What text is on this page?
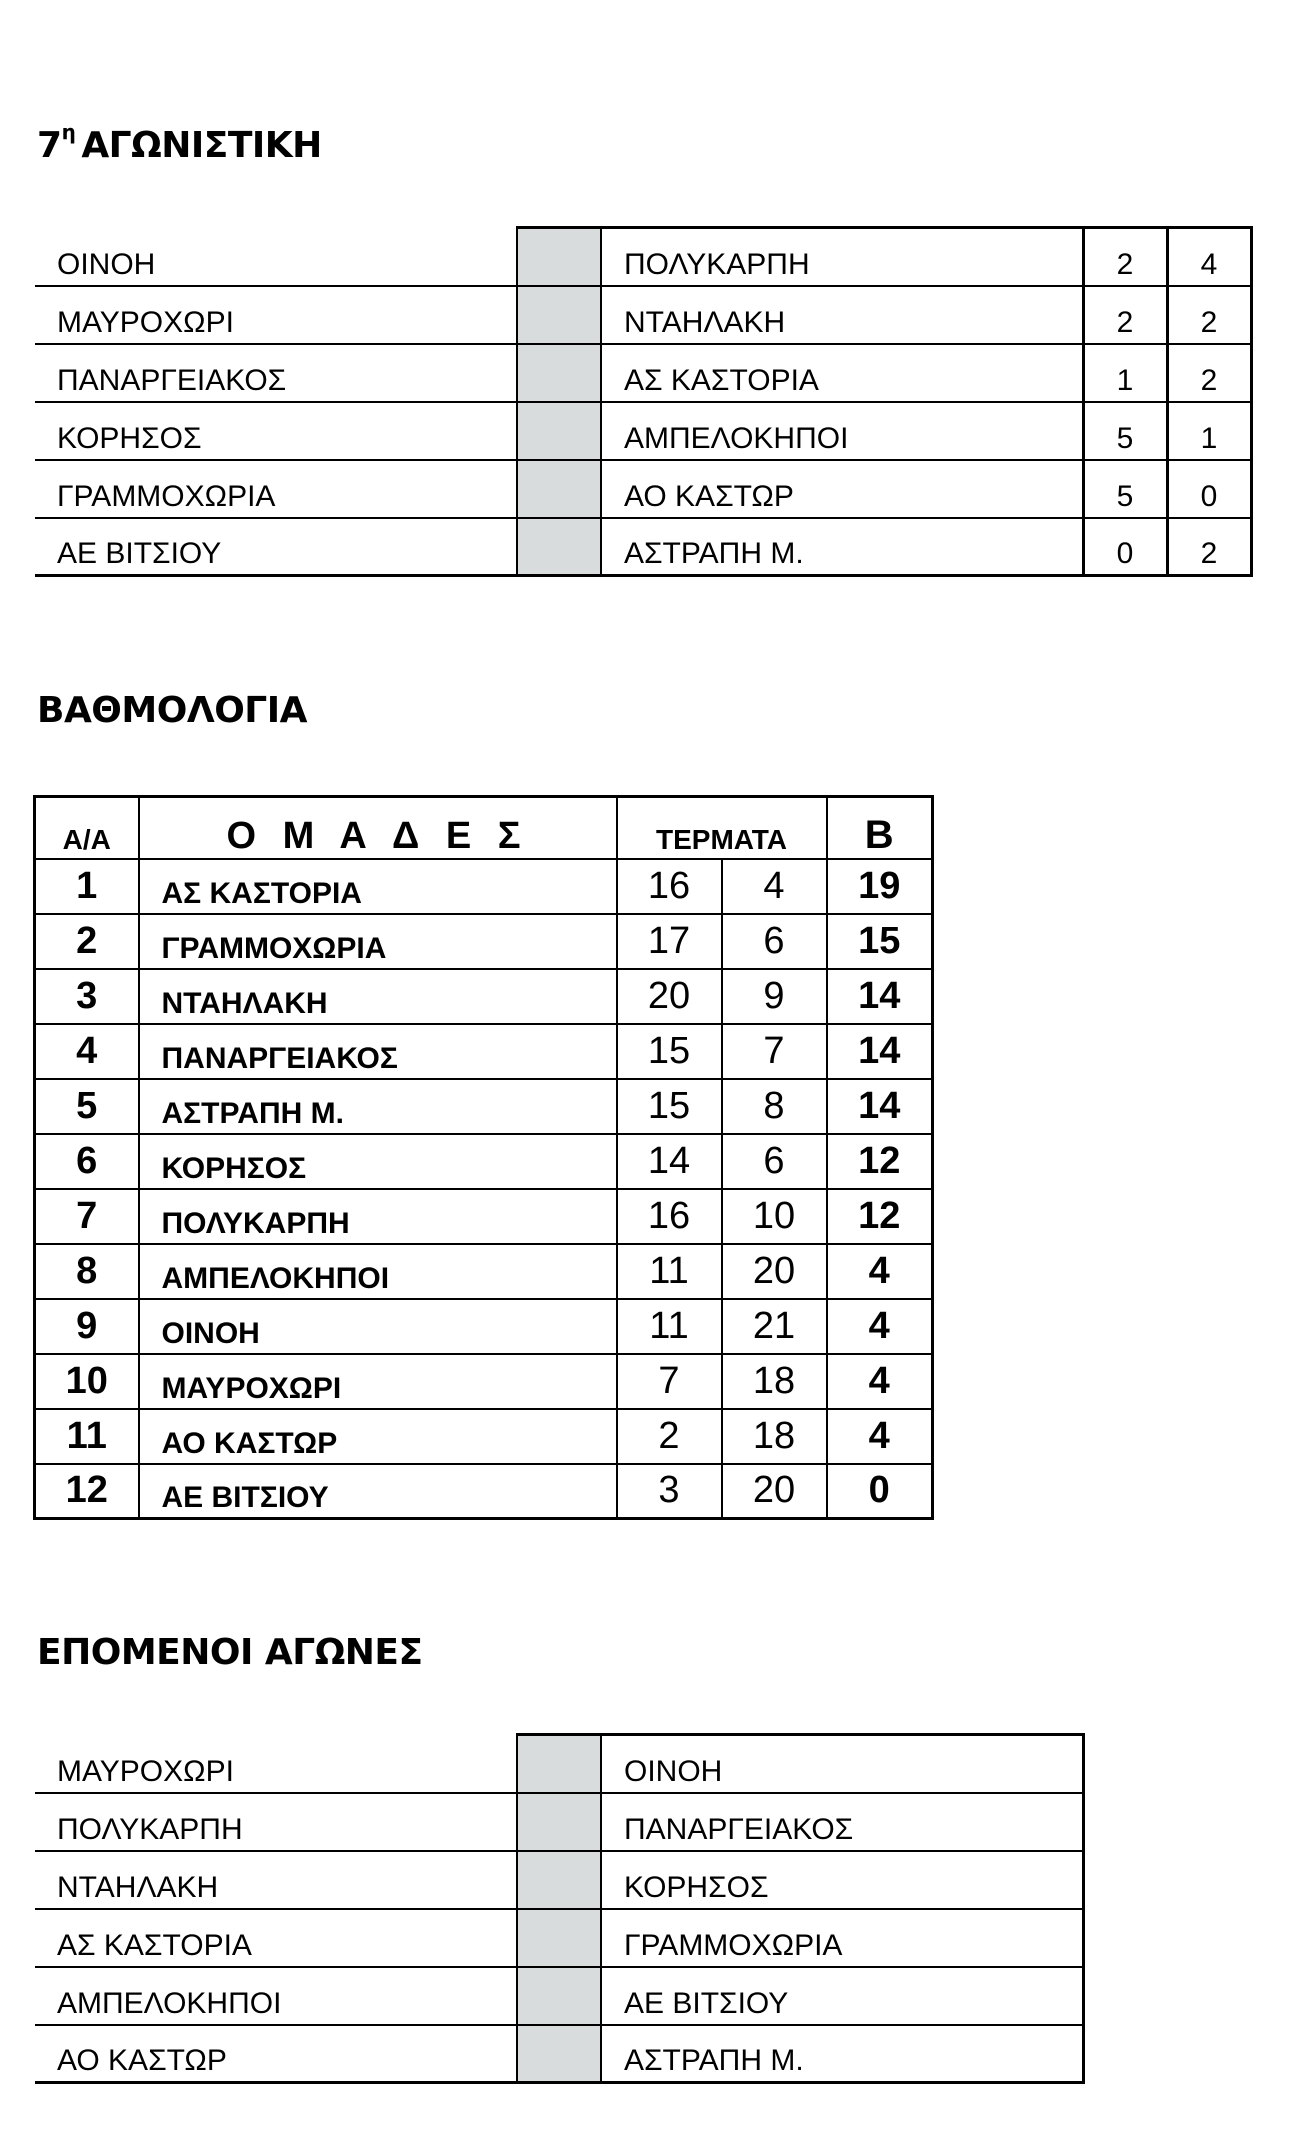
$7^\eta$ ΑΓΩΝΙΣΤΙΚΗ
ΟΙΝΟΗ		ΠΟΛΥΚΑΡΠΗ	2	4
ΜΑΥΡΟΧΩΡΙ		ΝΤΑΗΛΑΚΗ	2	2
ΠΑΝΑΡΓΕΙΑΚΟΣ		ΑΣ ΚΑΣΤΟΡΙΑ	1	2
ΚΟΡΗΣΟΣ		ΑΜΠΕΛΟΚΗΠΟΙ	5	1
ΓΡΑΜΜΟΧΩΡΙΑ		ΑΟ ΚΑΣΤΩΡ	5	0
ΑΕ ΒΙΤΣΙΟΥ		ΑΣΤΡΑΠΗ Μ.	0	2
ΒΑΘΜΟΛΟΓΙΑ
Α/Α	Ο Μ Α Δ Ε Σ	ΤΕΡΜΑΤΑ		Β
1	ΑΣ ΚΑΣΤΟΡΙΑ	16	4	19
2	ΓΡΑΜΜΟΧΩΡΙΑ	17	6	15
3	ΝΤΑΗΛΑΚΗ	20	9	14
4	ΠΑΝΑΡΓΕΙΑΚΟΣ	15	7	14
5	ΑΣΤΡΑΠΗ Μ.	15	8	14
6	ΚΟΡΗΣΟΣ	14	6	12
7	ΠΟΛΥΚΑΡΠΗ	16	10	12
8	ΑΜΠΕΛΟΚΗΠΟΙ	11	20	4
9	ΟΙΝΟΗ	11	21	4
10	ΜΑΥΡΟΧΩΡΙ	7	18	4
11	ΑΟ ΚΑΣΤΩΡ	2	18	4
12	ΑΕ ΒΙΤΣΙΟΥ	3	20	0
ΕΠΟΜΕΝΟΙ ΑΓΩΝΕΣ
ΜΑΥΡΟΧΩΡΙ		ΟΙΝΟΗ
ΠΟΛΥΚΑΡΠΗ		ΠΑΝΑΡΓΕΙΑΚΟΣ
ΝΤΑΗΛΑΚΗ		ΚΟΡΗΣΟΣ
ΑΣ ΚΑΣΤΟΡΙΑ		ΓΡΑΜΜΟΧΩΡΙΑ
ΑΜΠΕΛΟΚΗΠΟΙ		ΑΕ ΒΙΤΣΙΟΥ
ΑΟ ΚΑΣΤΩΡ		ΑΣΤΡΑΠΗ Μ.
